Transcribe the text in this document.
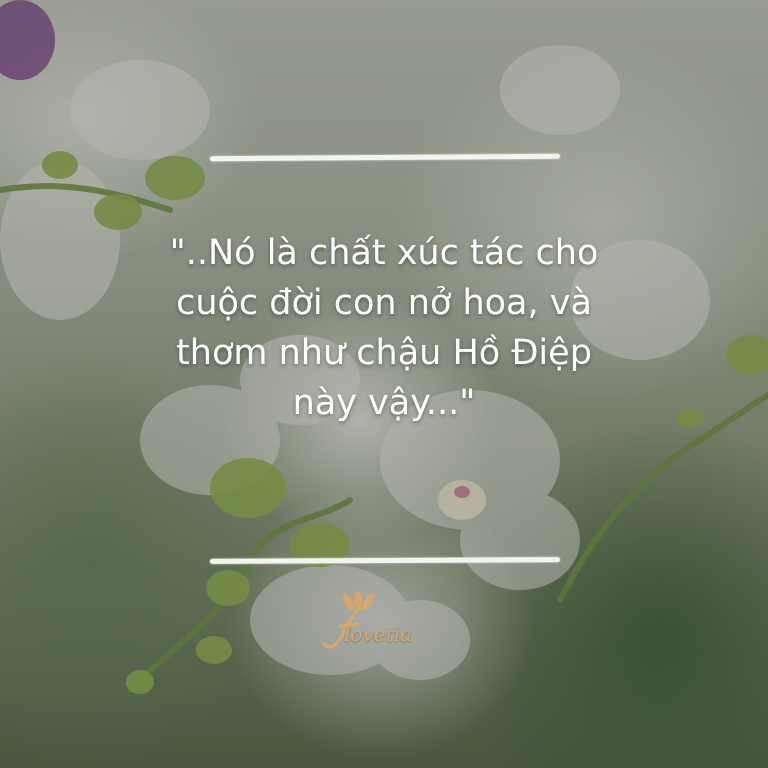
"..Nó là chất xúc tác cho
cuộc đời con nở hoa, và
thơm như chậu Hồ Điệp
này vậy..."
lovetia
